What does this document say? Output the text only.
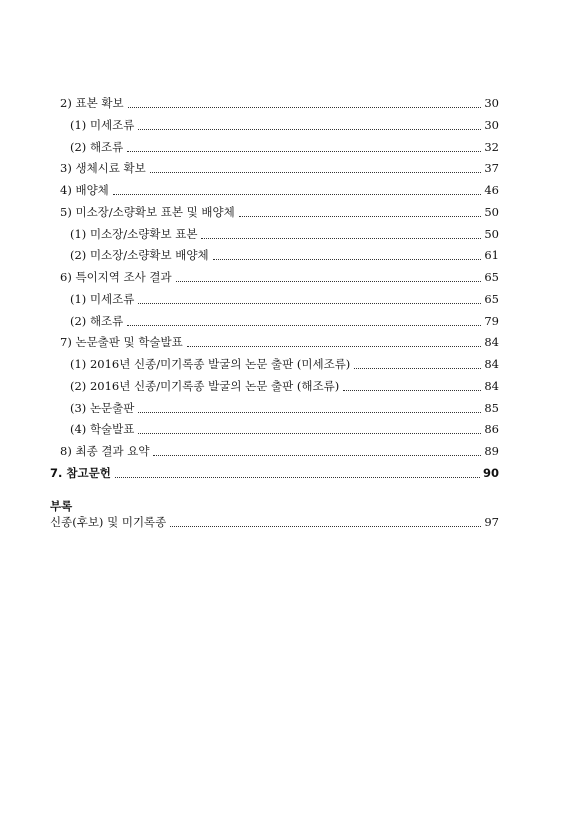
2) 표본 확보	30
(1) 미세조류	30
(2) 해조류	32
3) 생체시료 확보	37
4) 배양체	46
5) 미소장/소량확보 표본 및 배양체	50
(1) 미소장/소량확보 표본	50
(2) 미소장/소량확보 배양체	61
6) 특이지역 조사 결과	65
(1) 미세조류	65
(2) 해조류	79
7) 논문출판 및 학술발표	84
(1) 2016년 신종/미기록종 발굴의 논문 출판 (미세조류)	84
(2) 2016년 신종/미기록종 발굴의 논문 출판 (해조류)	84
(3) 논문출판	85
(4) 학술발표	86
8) 최종 결과 요약	89
7. 참고문헌	90
부록
신종(후보) 및 미기록종	97
